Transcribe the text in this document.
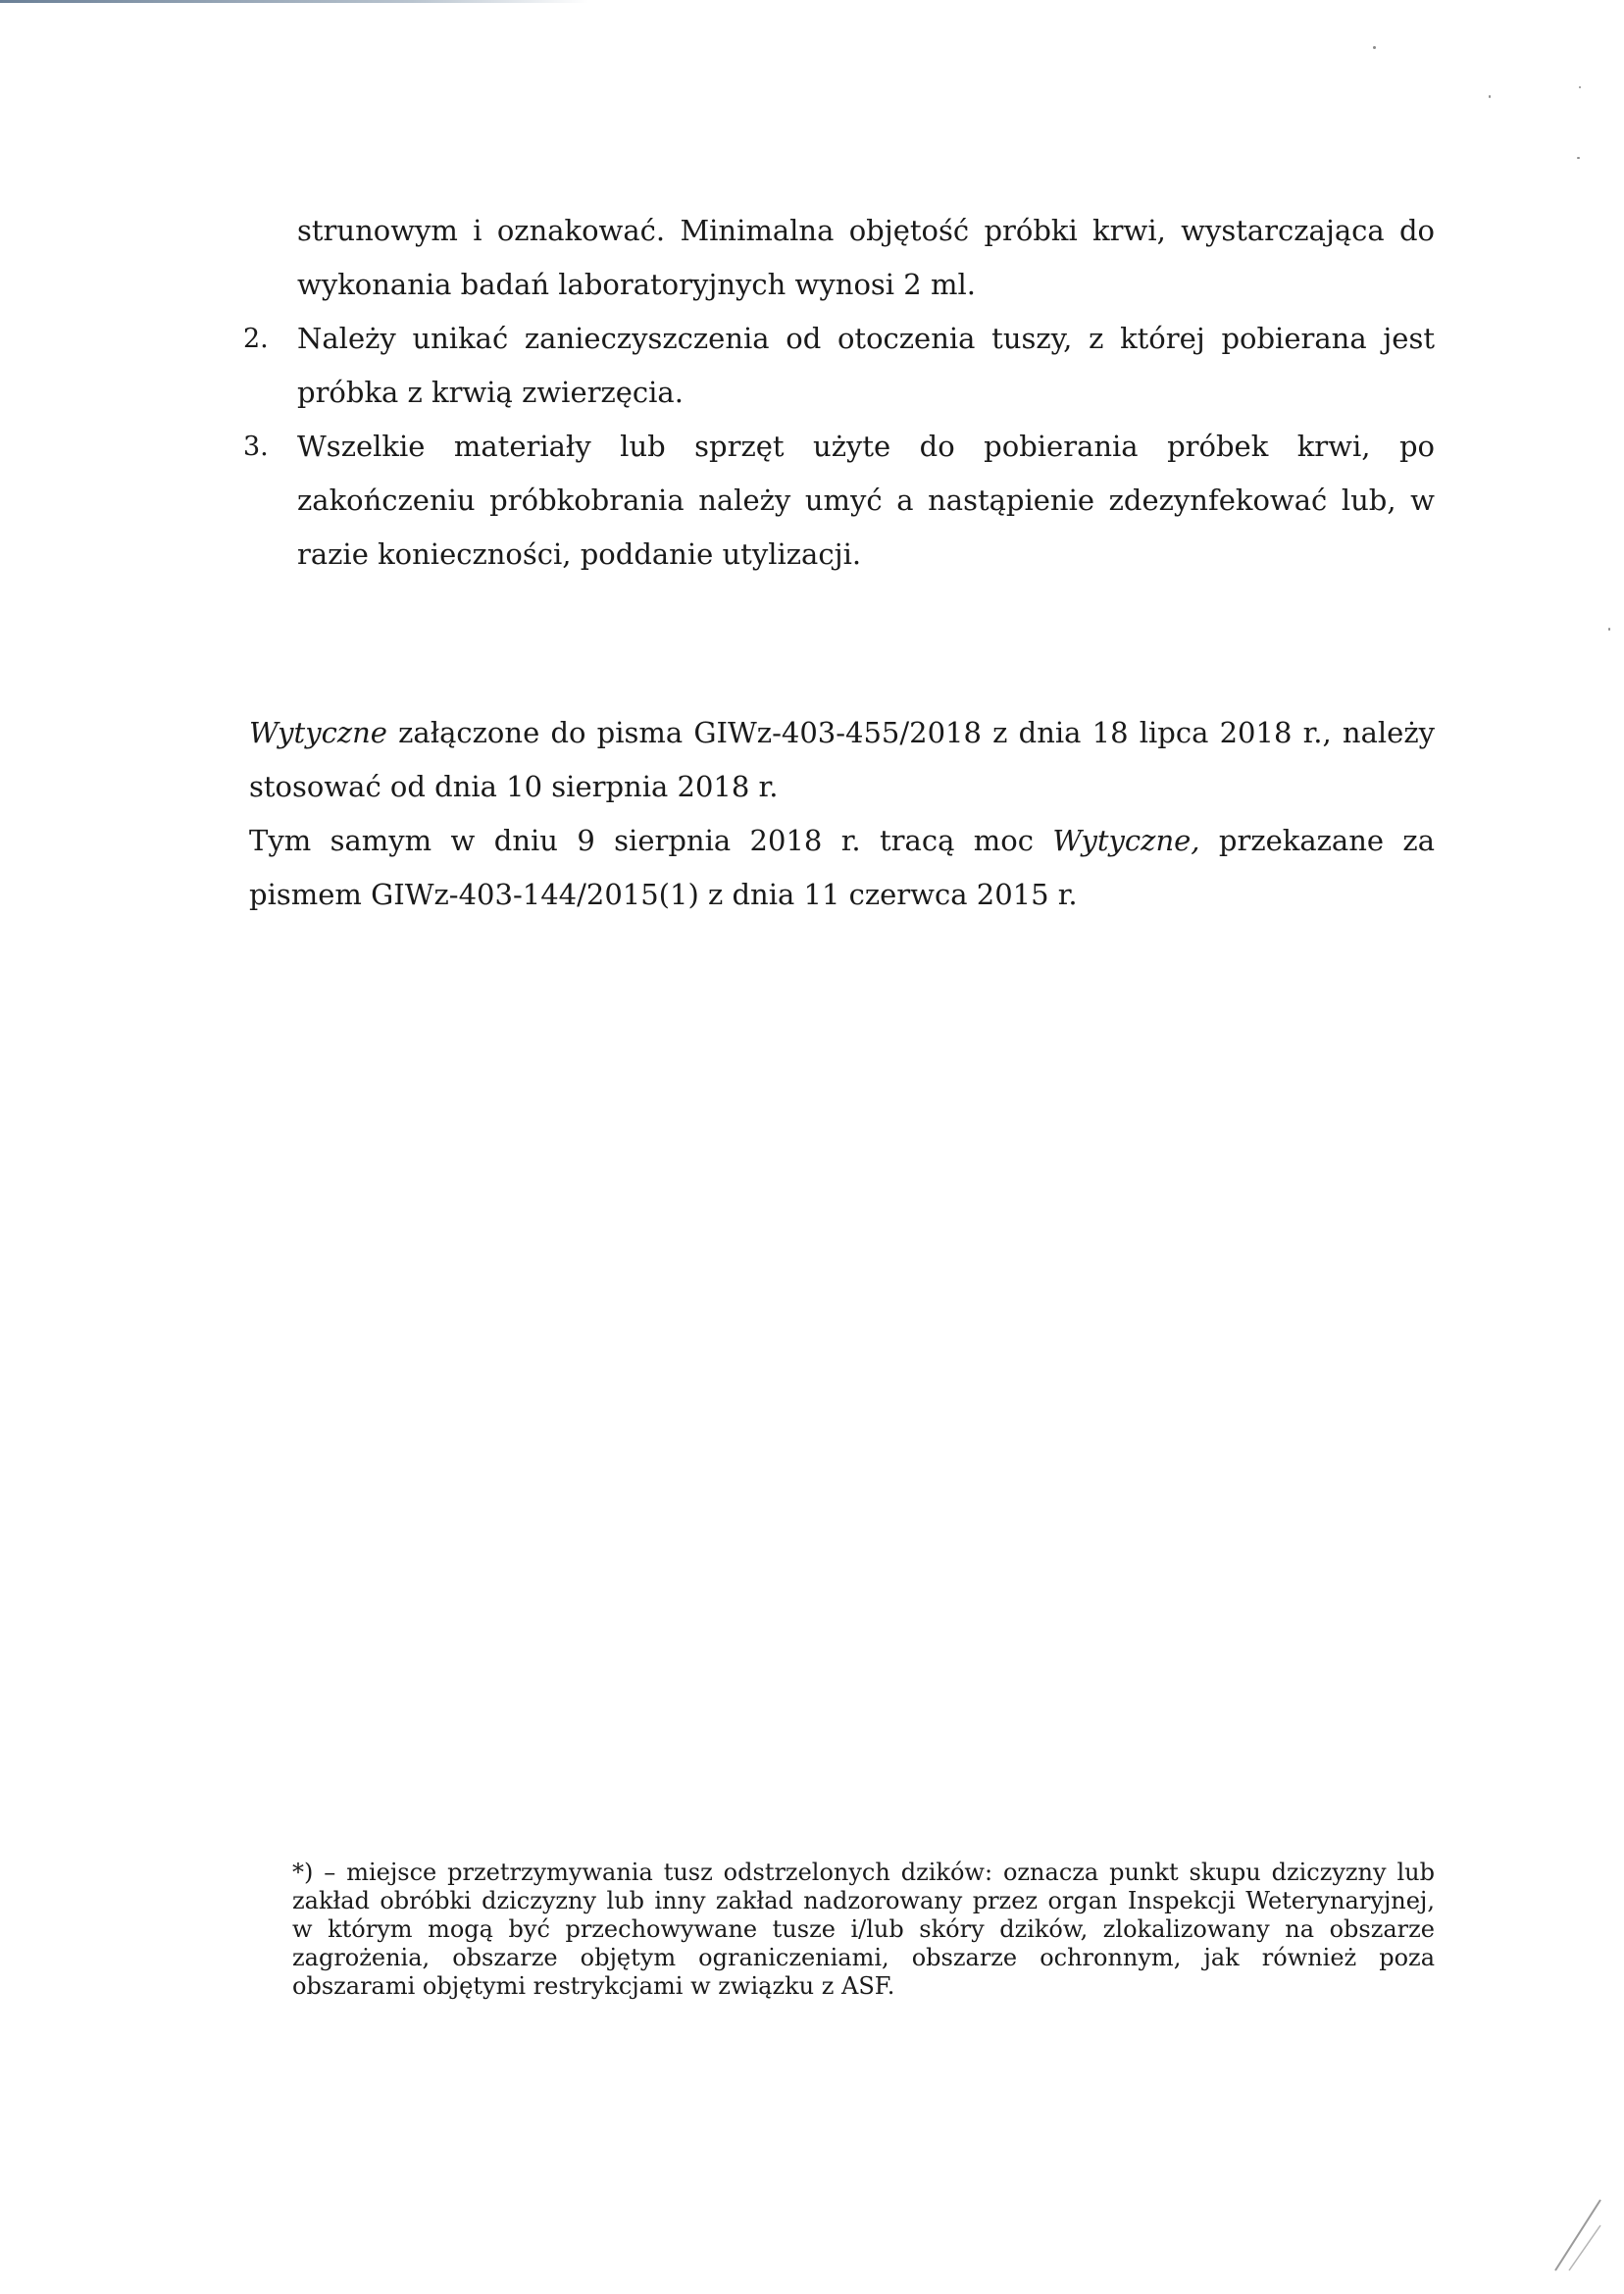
strunowym i oznakować. Minimalna objętość próbki krwi, wystarczająca do wykonania badań laboratoryjnych wynosi 2 ml.
2.	Należy unikać zanieczyszczenia od otoczenia tuszy, z której pobierana jest próbka z krwią zwierzęcia.
3.	Wszelkie materiały lub sprzęt użyte do pobierania próbek krwi, po zakończeniu próbkobrania należy umyć a nastąpienie zdezynfekować lub, w razie konieczności, poddanie utylizacji.

Wytyczne załączone do pisma GIWz-403-455/2018 z dnia 18 lipca 2018 r., należy stosować od dnia 10 sierpnia 2018 r.

Tym samym w dniu 9 sierpnia 2018 r. tracą moc Wytyczne, przekazane za pismem GIWz-403-144/2015(1) z dnia 11 czerwca 2015 r.

*) – miejsce przetrzymywania tusz odstrzelonych dzików: oznacza punkt skupu dziczyzny lub zakład obróbki dziczyzny lub inny zakład nadzorowany przez organ Inspekcji Weterynaryjnej, w którym mogą być przechowywane tusze i/lub skóry dzików, zlokalizowany na obszarze zagrożenia, obszarze objętym ograniczeniami, obszarze ochronnym, jak również poza obszarami objętymi restrykcjami w związku z ASF.
